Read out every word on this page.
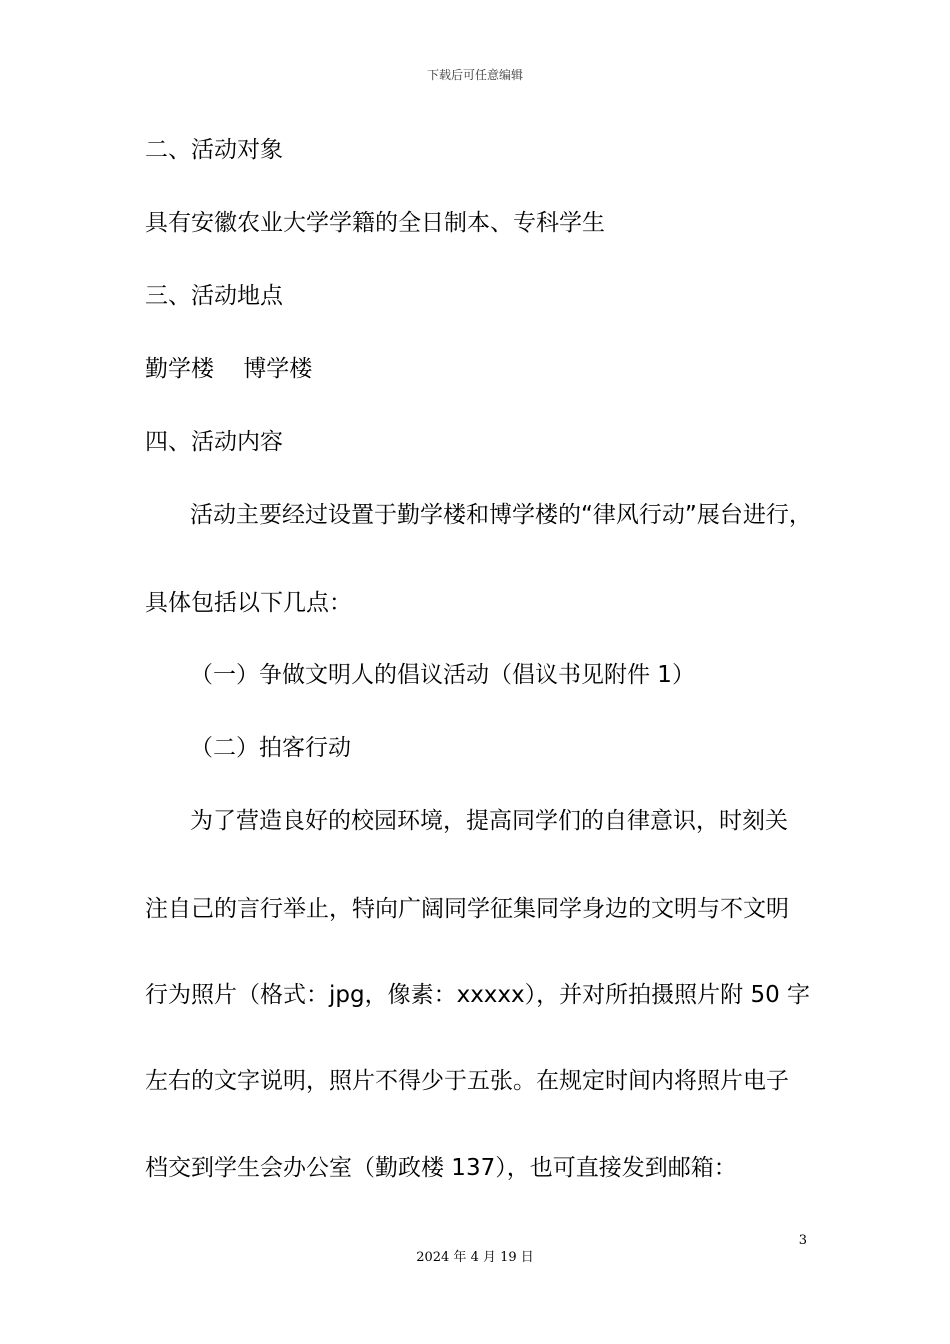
下载后可任意编辑
二、活动对象
具有安徽农业大学学籍的全日制本、专科学生
三、活动地点
勤学楼    博学楼
四、活动内容
活动主要经过设置于勤学楼和博学楼的“律风行动”展台进行，
具体包括以下几点：
（一）争做文明人的倡议活动（倡议书见附件 1）
（二）拍客行动
为了营造良好的校园环境，提高同学们的自律意识，时刻关
注自己的言行举止，特向广阔同学征集同学身边的文明与不文明
行为照片（格式：jpg，像素：xxxxx），并对所拍摄照片附 50 字
左右的文字说明，照片不得少于五张。在规定时间内将照片电子
档交到学生会办公室（勤政楼 137），也可直接发到邮箱：
3
2024 年 4 月 19 日
